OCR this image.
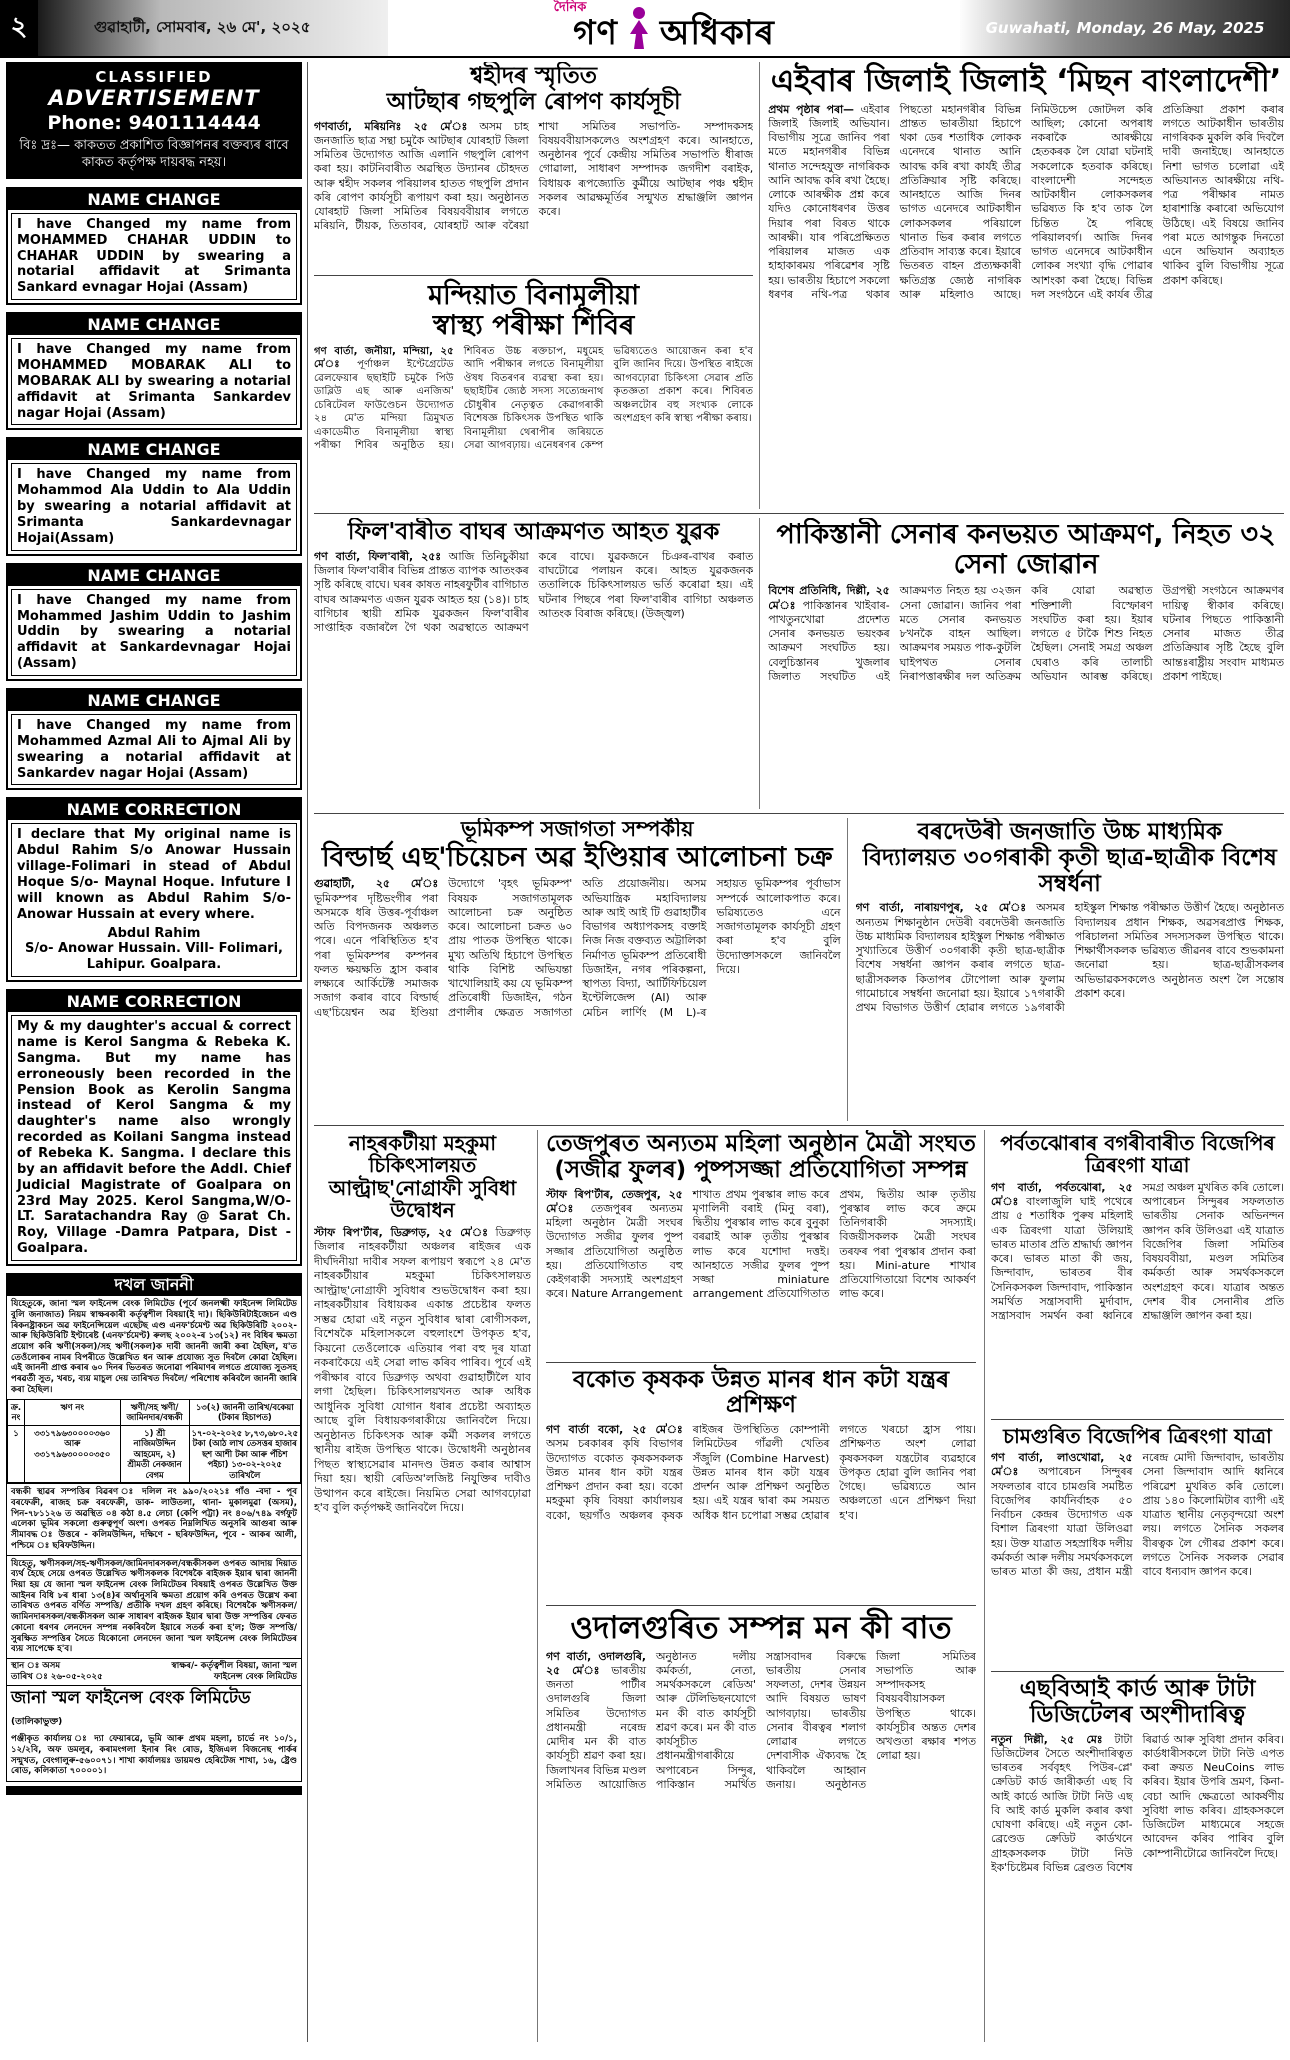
২	গুৱাহাটী, সোমবাৰ, ২৬ মে', ২০২৫
দৈনিক
গণ অধিকাৰ	Guwahati, Monday, 26 May, 2025
CLASSIFIED
ADVERTISEMENT
Phone: 9401114444
বিঃ দ্ৰঃ— কাকতত প্ৰকাশিত বিজ্ঞাপনৰ বক্তব্যৰ বাবে কাকত কৰ্তৃপক্ষ দায়বদ্ধ নহয়।
NAME CHANGE
I have Changed my name from MOHAMMED CHAHAR UDDIN to CHAHAR UDDIN by swearing a notarial affidavit at Srimanta Sankard evnagar Hojai (Assam)
NAME CHANGE
I have Changed my name from MOHAMMED MOBARAK ALI to MOBARAK ALI by swearing a notarial affidavit at Srimanta Sankardev nagar Hojai (Assam)
NAME CHANGE
I have Changed my name from Mohammod Ala Uddin to Ala Uddin by swearing a notarial affidavit at Srimanta Sankardevnagar Hojai(Assam)
NAME CHANGE
I have Changed my name from Mohammed Jashim Uddin to Jashim Uddin by swearing a notarial affidavit at Sankardevnagar Hojai (Assam)
NAME CHANGE
I have Changed my name from Mohammed Azmal Ali to Ajmal Ali by swearing a notarial affidavit at Sankardev nagar Hojai (Assam)
NAME CORRECTION
I declare that My original name is Abdul Rahim S/o Anowar Hussain village-Folimari in stead of Abdul Hoque S/o- Maynal Hoque. Infuture I will known as Abdul Rahim S/o- Anowar Hussain at every where.
Abdul Rahim
S/o- Anowar Hussain. Vill- Folimari, Lahipur. Goalpara.
NAME CORRECTION
My & my daughter's accual & correct name is Kerol Sangma & Rebeka K. Sangma. But my name has erroneously been recorded in the Pension Book as Kerolin Sangma instead of Kerol Sangma & my daughter's name also wrongly recorded as Koilani Sangma instead of Rebeka K. Sangma. I declare this by an affidavit before the Addl. Chief Judicial Magistrate of Goalpara on 23rd May 2025. Kerol Sangma,W/O-LT. Saratachandra Ray @ Sarat Ch. Roy, Village -Damra Patpara, Dist -Goalpara.
দখল জাননী
যিহেতুকে, জানা স্মল ফাইনেন্স বেংক লিমিটেড (পূৰ্বে জনলক্ষ্মী ফাইনেন্স লিমিটেড বুলি জনাজাত) নিয়ম স্বাক্ষৰকাৰী কৰ্তৃত্বশীল বিষয়া(ই দা)। ছিকিউৰিটাইজেচন এণ্ড ৰিকনষ্ট্ৰাকচন অৱ ফাইনেন্সিয়েল এছেটছ এণ্ড এনফ'ৰ্চমেণ্ট অৱ ছিকিউৰিটি ২০০২-আৰু ছিকিউৰিটি ইণ্টাৰেষ্ট (এনফ'ৰ্চমেণ্ট) ৰুলছ ২০০২-ৰ ১৩(১২) নং বিধিৰ ক্ষমতা প্ৰয়োগ কৰি ঋণী(সকল)/সহ ঋণী(সকল)ক দাবী জাননী জাৰী কৰা হৈছিল, য'ত তেওঁলোকৰ নামৰ বিপৰীতে উল্লেখিত ধন আৰু প্ৰযোজ্য সুত দিবলৈ কোৱা হৈছিল। এই জাননী প্ৰাপ্ত কৰাৰ ৬০ দিনৰ ভিতৰত জনোৱা পৰিমাণৰ লগতে প্ৰযোজ্য সুতসহ পৰৱৰ্তী সুত, খৰচ, ব্যয় মাচুল দেয় তাৰিখত দিবলৈ/ পৰিশোধ কৰিবলৈ জাননী জাৰি কৰা হৈছিল।
ক্ৰ. নং	ঋণ নং	ঋণী/সহ ঋণী/জামিনদাৰ/বন্ধকী	১৩(২) জাননী তাৰিখ/বকেয়া (টকাৰ হিচাপত)
১	৩৩১৭৯৬৩০০০০৩৬০ আৰু ৩৩১৭৯৬৩০০০০৩৫০	১) শ্ৰী নাজিমউদ্দিন আহমেদ, ২) শ্ৰীমতী নেকজান বেগম	১৭-০২-২০২৫ ৮,৭৩,৬৮০.২৫ টকা (আঠ লাখ তেসত্তৰ হাজাৰ ছশ আশী টকা আৰু পঁচিশ পইচা) ১৩-০২-২০২৫ তাৰিখলৈ
বন্ধকী স্থাৱৰ সম্পত্তিৰ বিৱৰণ ঃ দলিল নং ৯৯০/২০২১ঃ গাঁও -বদা - পূব বৰফেক্ৰী, ৰাজহ চক্ৰ বৰফেক্ৰী, ডাক- লাউতলা, থানা- মুকালমুৱা (অসম), পিন-৭৮১১২৬ ত অৱস্থিত ০৪ কঠা ৪.৫ লেচা (কেপি পট্টা) নং ৪০৬/৭৪৯ বৰ্গফুট এলেকা ভূমিৰ সকলো গুৰুত্বপূৰ্ণ অংশ। ওপৰত নিম্নলিখিত অনুসৰি আগুৰা আৰু সীমাবদ্ধ ঃ উত্তৰে - কলিমউদ্দিন, দক্ষিণে - ছৰিফউদ্দিন, পূবে - আকৰ আলী, পশ্চিমে ঃ ছৰিফউদ্দিন।
যিহেতু, ঋণীসকল/সহ-ঋণীসকল/জামিনদাৰসকল/বন্ধকীসকল ওপৰত আদায় দিয়াত ব্যৰ্থ হৈছে সেয়ে ওপৰত উল্লেখিত ঋণীসকলক বিশেষকৈ ৰাইজক ইয়াৰ দ্বাৰা জাননী দিয়া হয় যে জানা স্মল ফাইনেন্স বেংক লিমিটেডৰ বিষয়াই ওপৰত উল্লেখিত উক্ত আইনৰ বিধি ৮ৰ ধাৰা ১৩(৪)ৰ অৰ্থানুসৰি ক্ষমতা প্ৰয়োগ কৰি ওপৰত উল্লেখ কৰা তাৰিখত ওপৰত বৰ্ণিত সম্পত্তি/ প্ৰতীকি দখল গ্ৰহণ কৰিছে। বিশেষকৈ ঋণীসকল/ জামিনদাৰসকল/বন্ধকীসকল আৰু সাধাৰণ ৰাইজক ইয়াৰ দ্বাৰা উক্ত সম্পত্তিৰ ফেৰত কোনো ধৰণৰ লেনদেন সম্পন্ন নকৰিবলৈ ইয়াৰে সতৰ্ক কৰা হ'ল; উক্ত সম্পত্তি/সুৰক্ষিত সম্পত্তিৰ সৈতে যিকোনো লেনদেন জানা স্মল ফাইনেন্স বেংক লিমিটেডৰ ব্যয় সাপেক্ষে হ'ব।
স্থান ঃ অসম
তাৰিখ ঃ ২৬-০৫-২০২৫
স্বাক্ষৰ/- কৰ্তৃত্বশীল বিষয়া, জানা স্মল ফাইনেন্স বেংক লিমিটেড
জানা স্মল ফাইনেন্স বেংক লিমিটেড (তালিকাভুক্ত)
পঞ্জীকৃত কাৰ্যালয় ঃ দ্যা ফেয়াৰৱে, ভূমি আৰু প্ৰথম মহলা, চাৰ্ভে নং ১০/১, ১২/২বি, অফ ডমলুৰ, কৰামংগলা ইনাৰ ৰিং ৰোড, ইজিএল বিজনেছ পাৰ্কৰ সন্মুখত, বেংগালুৰু-৫৬০০৭১। শাখা কাৰ্যালয়ঃ ডায়মণ্ড হেৰিটেজ শাখা, ১৬, ষ্ট্ৰেণ্ড ৰোড, কলিকাতা ৭০০০০১।
শ্বহীদৰ স্মৃতিত
আটছাৰ গছপুলি ৰোপণ কাৰ্যসূচী
গণবাৰ্তা, মৰিয়নিঃ ২৫ মে'ঃ অসম চাহ জনজাতি ছাত্ৰ সন্থা চমুকৈ আটছাৰ যোৰহাট জিলা সমিতিৰ উদ্যোগত আজি এলানি গছপুলি ৰোপণ কৰা হয়। কাটনিবাৰীত অৱস্থিত উদ্যানৰ চৌহদত আৰু শ্বহীদ সকলৰ পৰিয়ালৰ হাতত গছপুলি প্ৰদান কৰি ৰোপণ কাৰ্যসূচী ৰূপায়ণ কৰা হয়। অনুষ্ঠানত যোৰহাট জিলা সমিতিৰ বিষয়ববীয়াৰ লগতে মৰিয়নি, টীয়ক, তিতাবৰ, যোৰহাট আৰু বৰৈয়া শাখা সমিতিৰ সভাপতি- সম্পাদকসহ বিষয়ববীয়াসকলেও অংশগ্ৰহণ কৰে। আনহাতে, অনুষ্ঠানৰ পূৰ্বে কেন্দ্ৰীয় সমিতিৰ সভাপতি ধীৰাজ গোৱালা, সাধাৰণ সম্পাদক জগদীশ বৰাইক, বিধায়ক ৰূপজ্যোতি কুৰ্মীয়ে আটছাৰ পঞ্চ শ্বহীদ সকলৰ আৱক্ষমূৰ্তিৰ সন্মুখত শ্ৰদ্ধাঞ্জলি জ্ঞাপন কৰে।
মন্দিয়াত বিনামূলীয়া
স্বাস্থ্য পৰীক্ষা শিবিৰ
গণ বাৰ্তা, জনীয়া, মন্দিয়া, ২৫ মে'ঃ পূৰ্ণাঞ্চল ইণ্টেগ্ৰেটেড ৱেলফেয়াৰ ছছাইটি চমুকৈ পিউ ডাব্লিউ এছ আৰু এনজিঅ' চেৰিটেবল ফাউণ্ডেচন উদ্যোগত ২৪ মে'ত মন্দিয়া ত্ৰিমুখত একাডেমীত বিনামূলীয়া স্বাস্থ্য পৰীক্ষা শিবিৰ অনুষ্ঠিত হয়। শিবিৰত উচ্চ ৰক্তচাপ, মধুমেহ আদি পৰীক্ষাৰ লগতে বিনামূলীয়া ঔষধ বিতৰণৰ ব্যৱস্থা কৰা হয়। ছছাইটিৰ জ্যেষ্ঠ সদস্য সত্যেন্দ্ৰনাথ চৌধুৰীৰ নেতৃত্বত কেৱাগৰাকী বিশেষজ্ঞ চিকিৎসক উপস্থিত থাকি বিনামূলীয়া থেৰাপীৰ জৰিয়তে সেৱা আগবঢ়ায়। এনেধৰণৰ কেম্প ভৱিষ্যতেও আয়োজন কৰা হ'ব বুলি জানিব দিয়ে। উপস্থিত ৰাইজে আগবঢ়োৱা চিকিৎসা সেৱাৰ প্ৰতি কৃতজ্ঞতা প্ৰকাশ কৰে। শিবিৰত অঞ্চলটোৰ বহু সংখ্যক লোকে অংশগ্ৰহণ কৰি স্বাস্থ্য পৰীক্ষা কৰায়।
এইবাৰ জিলাই জিলাই ‘মিছন বাংলাদেশী’
প্ৰথম পৃষ্ঠাৰ পৰা— এইবাৰ জিলাই জিলাই অভিযান। বিভাগীয় সূত্ৰে জানিব পৰা মতে মহানগৰীৰ বিভিন্ন থানাত সন্দেহযুক্ত নাগৰিকক আনি আবদ্ধ কৰি ৰখা হৈছে। লোকে আৰক্ষীক প্ৰশ্ন কৰে যদিও কোনোধৰণৰ উত্তৰ দিয়াৰ পৰা বিৰত থাকে আৰক্ষী। যাৰ পৰিপ্ৰেক্ষিতত পৰিয়ালৰ মাজত এক হাহাকাৰময় পৰিৱেশৰ সৃষ্টি হয়। ভাৰতীয় হিচাপে সকলো ধৰণৰ নথি-পত্ৰ থকাৰ পিছতো মহানগৰীৰ বিভিন্ন প্ৰান্তত ভাৰতীয়া হিচাপে থকা ডেৰ শতাধিক লোকক এনেদৰে থানাত আনি আবদ্ধ কৰি ৰখা কাৰ্যই তীব্ৰ প্ৰতিক্ৰিয়াৰ সৃষ্টি কৰিছে। আনহাতে আজি দিনৰ ভাগত এনেদৰে আটকাধীন লোকসকলৰ পৰিয়ালে থানাত ভিৰ কৰাৰ লগতে প্ৰতিবাদ সাব্যস্ত কৰে। ইয়াৰে ভিতৰত বাহন প্ৰত্যক্ষকাৰী ক্ষতিগ্ৰস্ত জ্যেষ্ঠ নাগৰিক আৰু মহিলাও আছে। নিমিউচেন্স জোটদল কৰি আছিল; কোনো অপৰাধ নকৰাকৈ আৰক্ষীয়ে হেতকৰক লৈ যোৱা ঘটনাই সকলোকে হতবাক কৰিছে। বাংলাদেশী সন্দেহত আটকাধীন লোকসকলৰ ভৱিষ্যত কি হ'ব তাক লৈ চিন্তিত হৈ পৰিছে পৰিয়ালবৰ্গ। আজি দিনৰ ভাগত এনেদৰে আটকাধীন লোকৰ সংখ্যা বৃদ্ধি পোৱাৰ আশংকা কৰা হৈছে। বিভিন্ন দল সংগঠনে এই কাৰ্যৰ তীব্ৰ প্ৰতিক্ৰিয়া প্ৰকাশ কৰাৰ লগতে আটকাধীন ভাৰতীয় নাগৰিকক মুকলি কৰি দিবলৈ দাবী জনাইছে। আনহাতে নিশা ভাগত চলোৱা এই অভিযানত আৰক্ষীয়ে নথি-পত্ৰ পৰীক্ষাৰ নামত হাৰাশাস্তি কৰাৰো অভিযোগ উঠিছে। এই বিষয়ে জানিব পৰা মতে আগন্তুক দিনতো এনে অভিযান অব্যাহত থাকিব বুলি বিভাগীয় সূত্ৰে প্ৰকাশ কৰিছে।
ফিল'বাৰীত বাঘৰ আক্ৰমণত আহত যুৱক
গণ বাৰ্তা, ফিল'বাৰী, ২৫ঃ আজি তিনিচুকীয়া জিলাৰ ফিল'বাৰীৰ বিভিন্ন প্ৰান্তত ব্যাপক আতংকৰ সৃষ্টি কৰিছে বাঘে। ঘৰৰ কাষত নাহৰফুটীৰ বাগিচাত বাঘৰ আক্ৰমণত এজন যুৱক আহত হয় (১৪)। চাহ বাগিচাৰ স্থায়ী শ্ৰমিক যুৱকজন ফিল'বাৰীৰ সাপ্তাহিক বজাৰলৈ গৈ থকা অৱস্থাতে আক্ৰমণ কৰে বাঘে। যুৱকজনে চিঞৰ-বাখৰ কৰাত বাঘটোৱে পলায়ন কৰে। আহত যুৱকজনক ততালিকে চিকিৎসালয়ত ভৰ্তি কৰোৱা হয়। এই ঘটনাৰ পিছৰে পৰা ফিল'বাৰীৰ বাগিচা অঞ্চলত আতংক বিৰাজ কৰিছে। (উজ্জ্বল)
পাকিস্তানী সেনাৰ কনভয়ত আক্ৰমণ, নিহত ৩২ সেনা জোৱান
বিশেষ প্ৰতিনিধি, দিল্লী, ২৫ মে'ঃ পাকিস্তানৰ খাইবাৰ-পাখতুনখোৱা প্ৰদেশত সেনাৰ কনভয়ত ভয়ংকৰ আক্ৰমণ সংঘটিত হয়। বেলুচিস্তানৰ খুজলাৰ জিলাত সংঘটিত এই আক্ৰমণত নিহত হয় ৩২জন সেনা জোৱান। জানিব পৰা মতে সেনাৰ কনভয়ত ৮খনকৈ বাহন আছিল। আক্ৰমণৰ সময়ত পাক-কুটলি ঘাইপথত সেনাৰ নিৰাপত্তাৰক্ষীৰ দল অতিক্ৰম কৰি যোৱা অৱস্থাত শক্তিশালী বিস্ফোৰণ সংঘটিত কৰা হয়। ইয়াৰ লগতে ৫ টাকৈ শিশু নিহত হৈছিল। সেনাই সমগ্ৰ অঞ্চল ঘেৰাও কৰি তালাচী অভিযান আৰম্ভ কৰিছে। উগ্ৰপন্থী সংগঠনে আক্ৰমণৰ দায়িত্ব স্বীকাৰ কৰিছে। ঘটনাৰ পিছতে পাকিস্তানী সেনাৰ মাজত তীব্ৰ প্ৰতিক্ৰিয়াৰ সৃষ্টি হৈছে বুলি আন্তঃৰাষ্ট্ৰীয় সংবাদ মাধ্যমত প্ৰকাশ পাইছে।
ভূমিকম্প সজাগতা সম্পৰ্কীয়
বিল্ডাৰ্ছ এছ'চিয়েচন অৱ ইণ্ডিয়াৰ আলোচনা চক্ৰ
গুৱাহাটী, ২৫ মে'ঃ ভূমিকম্পৰ দৃষ্টিভংগীৰ পৰা অসমকে ধৰি উত্তৰ-পূৰ্বাঞ্চল অতি বিপদজনক অঞ্চলত পৰে। এনে পৰিস্থিতিত হ'ব পৰা ভূমিকম্পৰ কম্পনৰ ফলত ক্ষয়ক্ষতি হ্ৰাস কৰাৰ লক্ষ্যৰে আৰ্কিটেক্ট সমাজক সজাগ কৰাৰ বাবে বিল্ডাৰ্ছ এছ'চিয়েশ্বন অৱ ইণ্ডিয়া উদ্যোগে 'বৃহৎ ভূমিকম্প' বিষয়ক সজাগতামূলক আলোচনা চক্ৰ অনুষ্ঠিত কৰে। আলোচনা চক্ৰত ৬০ প্ৰায় পাতক উপস্থিত থাকে। মুখ্য অতিথি হিচাপে উপস্থিত থাকি বিশিষ্ট অভিযন্তা খাখোলিয়াই কয় যে ভূমিকম্প প্ৰতিৰোধী ডিজাইন, গঠন প্ৰণালীৰ ক্ষেত্ৰত সজাগতা অতি প্ৰয়োজনীয়। অসম অভিযান্ত্ৰিক মহাবিদ্যালয় আৰু আই আই টি গুৱাহাটীৰ বিভাগৰ অধ্যাপকসহ বক্তাই নিজ নিজ বক্তব্যত অট্টালিকা নিৰ্মাণত ভূমিকম্প প্ৰতিৰোধী ডিজাইন, নগৰ পৰিকল্পনা, স্থাপত্য বিদ্যা, আৰ্টিফিচিয়েল ইণ্টেলিজেন্স (AI) আৰু মেচিন লাৰ্ণিং (M L)-ৰ সহায়ত ভূমিকম্পৰ পূৰ্বাভাস সম্পৰ্কে আলোকপাত কৰে। ভৱিষ্যতেও এনে সজাগতামূলক কাৰ্যসূচী গ্ৰহণ কৰা হ'ব বুলি উদ্যোক্তাসকলে জানিবলৈ দিয়ে।
বৰদেউৰী জনজাতি উচ্চ মাধ্যমিক
বিদ্যালয়ত ৩০গৰাকী কৃতী ছাত্ৰ-ছাত্ৰীক বিশেষ সম্বৰ্ধনা
গণ বাৰ্তা, নাৰায়ণপুৰ, ২৫ মে'ঃ অসমৰ অন্যতম শিক্ষানুষ্ঠান দেউৰী বৰদেউৰী জনজাতি উচ্চ মাধ্যমিক বিদ্যালয়ৰ হাইস্কুল শিক্ষান্ত পৰীক্ষাত সুখ্যাতিৰে উত্তীৰ্ণ ৩০গৰাকী কৃতী ছাত্ৰ-ছাত্ৰীক বিশেষ সম্বৰ্ধনা জ্ঞাপন কৰাৰ লগতে ছাত্ৰ-ছাত্ৰীসকলক কিতাপৰ টোপোলা আৰু ফুলাম গামোচাৰে সম্বৰ্ধনা জনোৱা হয়। ইয়াৰে ১৭গৰাকী প্ৰথম বিভাগত উত্তীৰ্ণ হোৱাৰ লগতে ১৯গৰাকী হাইস্কুল শিক্ষান্ত পৰীক্ষাত উত্তীৰ্ণ হৈছে। অনুষ্ঠানত বিদ্যালয়ৰ প্ৰধান শিক্ষক, অৱসৰপ্ৰাপ্ত শিক্ষক, পৰিচালনা সমিতিৰ সদস্যসকল উপস্থিত থাকে। শিক্ষাৰ্থীসকলক ভৱিষ্যত জীৱনৰ বাবে শুভকামনা জনোৱা হয়। ছাত্ৰ-ছাত্ৰীসকলৰ অভিভাৱকসকলেও অনুষ্ঠানত অংশ লৈ সন্তোষ প্ৰকাশ কৰে।
নাহৰকটীয়া মহকুমা চিকিৎসালয়ত
আল্ট্ৰাছ'নোগ্ৰাফী সুবিধা উদ্বোধন
স্টাফ ৰিপ'ৰ্টাৰ, ডিব্ৰুগড়, ২৫ মে'ঃ ডিব্ৰুগড় জিলাৰ নাহৰকটীয়া অঞ্চলৰ ৰাইজৰ এক দীৰ্ঘদিনীয়া দাবীৰ সফল ৰূপায়ণ স্বৰূপে ২৪ মে'ত নাহৰকটীয়াৰ মহকুমা চিকিৎসালয়ত আল্ট্ৰাছ'নোগ্ৰাফী সুবিধাৰ শুভউদ্বোধন কৰা হয়। নাহৰকটীয়াৰ বিধায়কৰ একান্ত প্ৰচেষ্টাৰ ফলত সম্ভৱ হোৱা এই নতুন সুবিধাৰ দ্বাৰা ৰোগীসকল, বিশেষকৈ মহিলাসকলে বহুলাংশে উপকৃত হ'ব, কিয়নো তেওঁলোকে এতিয়াৰ পৰা বহু দূৰ যাত্ৰা নকৰাকৈয়ে এই সেৱা লাভ কৰিব পাৰিব। পূৰ্বে এই পৰীক্ষাৰ বাবে ডিব্ৰুগড় অথবা গুৱাহাটীলৈ যাব লগা হৈছিল। চিকিৎসালয়খনত আৰু অধিক আধুনিক সুবিধা যোগান ধৰাৰ প্ৰচেষ্টা অব্যাহত আছে বুলি বিধায়কগৰাকীয়ে জানিবলৈ দিয়ে। অনুষ্ঠানত চিকিৎসক আৰু কৰ্মী সকলৰ লগতে স্থানীয় ৰাইজ উপস্থিত থাকে। উদ্বোধনী অনুষ্ঠানৰ পিছত স্বাস্থ্যসেৱাৰ মানদণ্ড উন্নত কৰাৰ আশ্বাস দিয়া হয়। স্থায়ী ৰেডিঅ'লজিষ্ট নিযুক্তিৰ দাবীও উত্থাপন কৰে ৰাইজে। নিয়মিত সেৱা আগবঢ়োৱা হ'ব বুলি কৰ্তৃপক্ষই জানিবলৈ দিয়ে।
তেজপুৰত অন্যতম মহিলা অনুষ্ঠান মৈত্ৰী সংঘত
(সজীৱ ফুলৰ) পুষ্পসজ্জা প্ৰতিযোগিতা সম্পন্ন
স্টাফ ৰিপ'ৰ্টাৰ, তেজপুৰ, ২৫ মে'ঃ তেজপুৰৰ অন্যতম মহিলা অনুষ্ঠান মৈত্ৰী সংঘৰ উদ্যোগত সজীৱ ফুলৰ পুষ্প সজ্জাৰ প্ৰতিযোগিতা অনুষ্ঠিত হয়। প্ৰতিযোগিতাত বহু কেইগৰাকী সদস্যাই অংশগ্ৰহণ কৰে। Nature Arrangement শাখাত প্ৰথম পুৰস্কাৰ লাভ কৰে মৃণালিনী বৰাই (মিনু বৰা), দ্বিতীয় পুৰস্কাৰ লাভ কৰে বুনুকা বৰৱাই আৰু তৃতীয় পুৰস্কাৰ লাভ কৰে যশোদা দত্তই। আনহাতে সজীৱ ফুলৰ পুষ্প সজ্জা miniature arrangement প্ৰতিযোগিতাত প্ৰথম, দ্বিতীয় আৰু তৃতীয় পুৰস্কাৰ লাভ কৰে ক্ৰমে তিনিগৰাকী সদস্যাই। বিজয়ীসকলক মৈত্ৰী সংঘৰ তৰফৰ পৰা পুৰস্কাৰ প্ৰদান কৰা হয়। Mini-ature শাখাৰ প্ৰতিযোগিতায়ো বিশেষ আকৰ্ষণ লাভ কৰে।
বকোত কৃষকক উন্নত মানৰ ধান কটা যন্ত্ৰৰ প্ৰশিক্ষণ
গণ বাৰ্তা বকো, ২৫ মে'ঃ অসম চৰকাৰৰ কৃষি বিভাগৰ উদ্যোগত বকোত কৃষকসকলক উন্নত মানৰ ধান কটা যন্ত্ৰৰ প্ৰশিক্ষণ প্ৰদান কৰা হয়। বকো মহকুমা কৃষি বিষয়া কাৰ্যালয়ৰ বকো, ছয়গাঁও অঞ্চলৰ কৃষক ৰাইজৰ উপস্থিতিত কোম্পানী লিমিটেডৰ গাঁৱলী খেতিৰ সঁজুলি (Combine Harvest) উন্নত মানৰ ধান কটা যন্ত্ৰৰ প্ৰদৰ্শন আৰু প্ৰশিক্ষণ অনুষ্ঠিত হয়। এই যন্ত্ৰৰ দ্বাৰা কম সময়ত অধিক ধান চপোৱা সম্ভৱ হোৱাৰ লগতে খৰচো হ্ৰাস পায়। প্ৰশিক্ষণত অংশ লোৱা কৃষকসকল যন্ত্ৰটোৰ ব্যৱহাৰে উপকৃত হোৱা বুলি জানিব পৰা গৈছে। ভৱিষ্যতে আন অঞ্চলতো এনে প্ৰশিক্ষণ দিয়া হ'ব।
ওদালগুৰিত সম্পন্ন মন কী বাত
গণ বাৰ্তা, ওদালগুৰি, ২৫ মে'ঃ ভাৰতীয় জনতা পাৰ্টীৰ ওদালগুৰি জিলা সমিতিৰ উদ্যোগত প্ৰধানমন্ত্ৰী নৰেন্দ্ৰ মোদীৰ মন কী বাত কাৰ্যসূচী শ্ৰৱণ কৰা হয়। জিলাখনৰ বিভিন্ন মণ্ডল সমিতিত আয়োজিত অনুষ্ঠানত দলীয় কৰ্মকৰ্তা, নেতা, সমৰ্থকসকলে ৰেডিঅ' আৰু টেলিভিছনযোগে মন কী বাত কাৰ্যসূচী শ্ৰৱণ কৰে। মন কী বাত কাৰ্যসূচীত প্ৰধানমন্ত্ৰীগৰাকীয়ে অপাৰেচন সিন্দুৰ, পাকিস্তান সমৰ্থিত সন্ত্ৰাসবাদৰ বিৰুদ্ধে ভাৰতীয় সেনাৰ সফলতা, দেশৰ উন্নয়ন আদি বিষয়ত ভাষণ আগবঢ়ায়। ভাৰতীয় সেনাৰ বীৰত্বৰ শলাগ লোৱাৰ লগতে দেশবাসীক ঐক্যবদ্ধ হৈ থাকিবলৈ আহ্বান জনায়। অনুষ্ঠানত জিলা সমিতিৰ সভাপতি আৰু সম্পাদকসহ বিষয়ববীয়াসকল উপস্থিত থাকে। কাৰ্যসূচীৰ অন্তত দেশৰ অখণ্ডতা ৰক্ষাৰ শপত লোৱা হয়।
পৰ্বতঝোৰাৰ বগৰীবাৰীত বিজেপিৰ ত্ৰিৰংগা যাত্ৰা
গণ বাৰ্তা, পৰ্বতঝোৰা, ২৫ মে'ঃ বাংলাজুলি ঘাই পথেৰে প্ৰায় ৫ শতাধিক পুৰুষ মহিলাই এক ত্ৰিৰংগা যাত্ৰা উলিয়াই ভাৰত মাতাৰ প্ৰতি শ্ৰদ্ধাৰ্ঘ্য জ্ঞাপন কৰে। ভাৰত মাতা কী জয়, জিন্দাবাদ, ভাৰতৰ বীৰ সৈনিকসকল জিন্দাবাদ, পাকিস্তান সমৰ্থিত সন্ত্ৰাসবাদী মুৰ্দাবাদ, সন্ত্ৰাসবাদ সমৰ্থন কৰা ধ্বনিৰে সমগ্ৰ অঞ্চল মুখৰিত কৰি তোলে। অপাৰেচন সিন্দুৰৰ সফলতাত ভাৰতীয় সেনাক অভিনন্দন জ্ঞাপন কৰি উলিওৱা এই যাত্ৰাত বিজেপিৰ জিলা সমিতিৰ বিষয়ববীয়া, মণ্ডল সমিতিৰ কৰ্মকৰ্তা আৰু সমৰ্থকসকলে অংশগ্ৰহণ কৰে। যাত্ৰাৰ অন্তত দেশৰ বীৰ সেনানীৰ প্ৰতি শ্ৰদ্ধাঞ্জলি জ্ঞাপন কৰা হয়।
চামগুৰিত বিজেপিৰ ত্ৰিৰংগা যাত্ৰা
গণ বাৰ্তা, লাওখোৱা, ২৫ মে'ঃ অপাৰেচন সিন্দুৰৰ সফলতাৰ বাবে চামগুৰি সমষ্টিত বিজেপিৰ কাৰ্যনিৰ্বাহক ৫০ নিৰ্বাচন কেন্দ্ৰৰ উদ্যোগত এক বিশাল ত্ৰিৰংগা যাত্ৰা উলিওৱা হয়। উক্ত যাত্ৰাত সহস্ৰাধিক দলীয় কৰ্মকৰ্তা আৰু দলীয় সমৰ্থকসকলে ভাৰত মাতা কী জয়, প্ৰধান মন্ত্ৰী নৰেন্দ্ৰ মোদী জিন্দাবাদ, ভাৰতীয় সেনা জিন্দাবাদ আদি ধ্বনিৰে পৰিৱেশ মুখৰিত কৰি তোলে। প্ৰায় ১৪০ কিলোমিটাৰ ব্যাপী এই যাত্ৰাত স্থানীয় নেতৃবৃন্দয়ো অংশ লয়। লগতে সৈনিক সকলৰ বীৰত্বক লৈ গৌৰৱ প্ৰকাশ কৰে। লগতে সৈনিক সকলক সেৱাৰ বাবে ধন্যবাদ জ্ঞাপন কৰে।
এছবিআই কাৰ্ড আৰু টাটা
ডিজিটেলৰ অংশীদাৰিত্ব
নতুন দিল্লী, ২৫ মেঃ টাটা ডিজিটেলৰ সৈতে অংশীদাৰিত্বত ভাৰতৰ সৰ্ববৃহৎ পিউৰ-প্লে' ক্ৰেডিট কাৰ্ড জাৰীকৰ্তা এছ বি আই কাৰ্ডে আজি টাটা নিউ এছ বি আই কাৰ্ড মুকলি কৰাৰ কথা ঘোষণা কৰিছে। এই নতুন কো-ব্ৰেণ্ডেড ক্ৰেডিট কাৰ্ডখনে গ্ৰাহকসকলক টাটা নিউ ইক'চিষ্টেমৰ বিভিন্ন ব্ৰেণ্ডত বিশেষ ৰিৱাৰ্ড আৰু সুবিধা প্ৰদান কৰিব। কাৰ্ডধাৰীসকলে টাটা নিউ এপত কৰা ক্ৰয়ত NeuCoins লাভ কৰিব। ইয়াৰ উপৰি ভ্ৰমণ, কিনা-বেচা আদি ক্ষেত্ৰতো আকৰ্ষণীয় সুবিধা লাভ কৰিব। গ্ৰাহকসকলে ডিজিটেল মাধ্যমেৰে সহজে আবেদন কৰিব পাৰিব বুলি কোম্পানীটোৱে জানিবলৈ দিছে।
